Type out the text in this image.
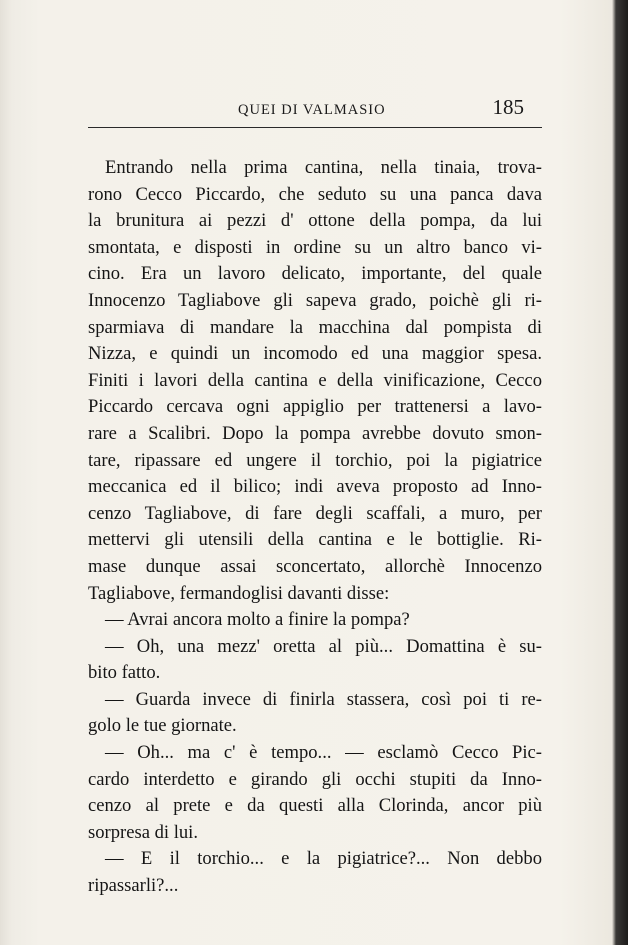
QUEI DI VALMASIO	185
Entrando nella prima cantina, nella tinaia, trova-
rono Cecco Piccardo, che seduto su una panca dava
la brunitura ai pezzi d' ottone della pompa, da lui
smontata, e disposti in ordine su un altro banco vi-
cino. Era un lavoro delicato, importante, del quale
Innocenzo Tagliabove gli sapeva grado, poichè gli ri-
sparmiava di mandare la macchina dal pompista di
Nizza, e quindi un incomodo ed una maggior spesa.
Finiti i lavori della cantina e della vinificazione, Cecco
Piccardo cercava ogni appiglio per trattenersi a lavo-
rare a Scalibri. Dopo la pompa avrebbe dovuto smon-
tare, ripassare ed ungere il torchio, poi la pigiatrice
meccanica ed il bilico; indi aveva proposto ad Inno-
cenzo Tagliabove, di fare degli scaffali, a muro, per
mettervi gli utensili della cantina e le bottiglie. Ri-
mase dunque assai sconcertato, allorchè Innocenzo
Tagliabove, fermandoglisi davanti disse:
— Avrai ancora molto a finire la pompa?
— Oh, una mezz' oretta al più... Domattina è su-
bito fatto.
— Guarda invece di finirla stassera, così poi ti re-
golo le tue giornate.
— Oh... ma c' è tempo... — esclamò Cecco Pic-
cardo interdetto e girando gli occhi stupiti da Inno-
cenzo al prete e da questi alla Clorinda, ancor più
sorpresa di lui.
— E il torchio... e la pigiatrice?... Non debbo
ripassarli?...
